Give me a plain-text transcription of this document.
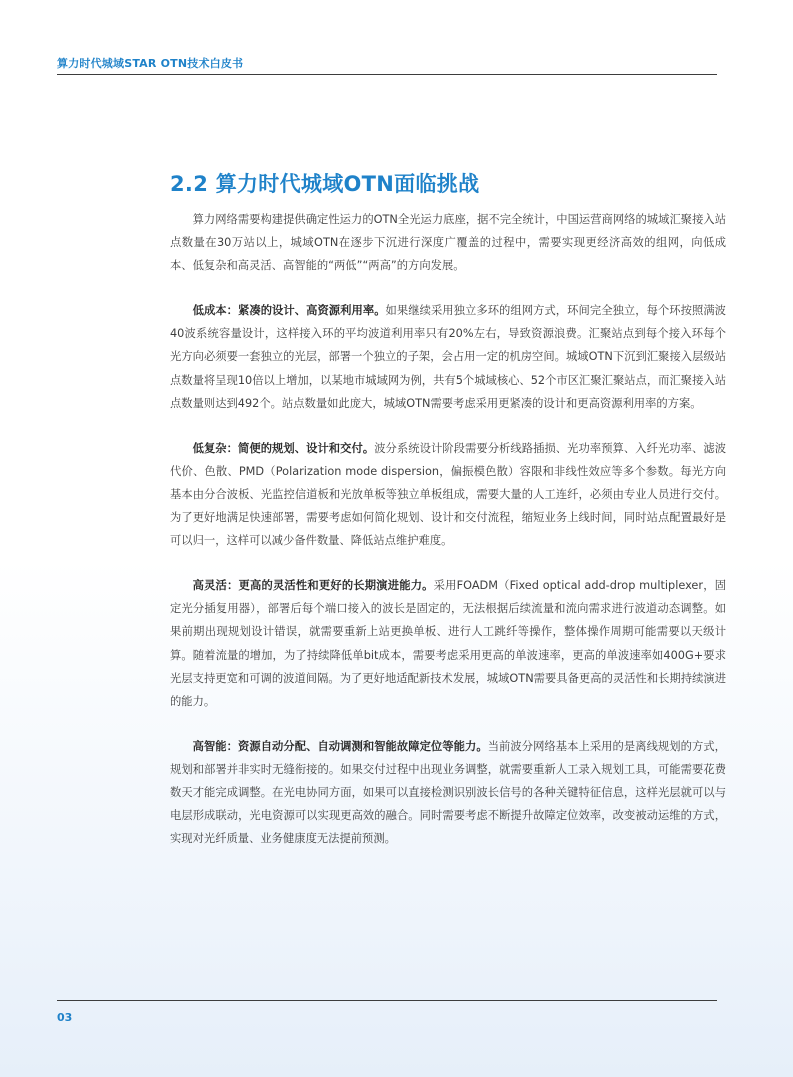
算力时代城域STAR OTN技术白皮书
2.2 算力时代城域OTN面临挑战

算力网络需要构建提供确定性运力的OTN全光运力底座，据不完全统计，中国运营商网络的城域汇聚接入站点数量在30万站以上，城域OTN在逐步下沉进行深度广覆盖的过程中，需要实现更经济高效的组网，向低成本、低复杂和高灵活、高智能的“两低”“两高”的方向发展。

低成本：紧凑的设计、高资源利用率。如果继续采用独立多环的组网方式，环间完全独立，每个环按照满波40波系统容量设计，这样接入环的平均波道利用率只有20%左右，导致资源浪费。汇聚站点到每个接入环每个光方向必须要一套独立的光层，部署一个独立的子架，会占用一定的机房空间。城域OTN下沉到汇聚接入层级站点数量将呈现10倍以上增加，以某地市城域网为例，共有5个城域核心、52个市区汇聚汇聚站点，而汇聚接入站点数量则达到492个。站点数量如此庞大，城域OTN需要考虑采用更紧凑的设计和更高资源利用率的方案。

低复杂：简便的规划、设计和交付。波分系统设计阶段需要分析线路插损、光功率预算、入纤光功率、滤波代价、色散、PMD（Polarization mode dispersion，偏振模色散）容限和非线性效应等多个参数。每光方向基本由分合波板、光监控信道板和光放单板等独立单板组成，需要大量的人工连纤，必须由专业人员进行交付。为了更好地满足快速部署，需要考虑如何简化规划、设计和交付流程，缩短业务上线时间，同时站点配置最好是可以归一，这样可以减少备件数量、降低站点维护难度。

高灵活：更高的灵活性和更好的长期演进能力。采用FOADM（Fixed optical add-drop multiplexer，固定光分插复用器），部署后每个端口接入的波长是固定的，无法根据后续流量和流向需求进行波道动态调整。如果前期出现规划设计错误，就需要重新上站更换单板、进行人工跳纤等操作，整体操作周期可能需要以天级计算。随着流量的增加，为了持续降低单bit成本，需要考虑采用更高的单波速率，更高的单波速率如400G+要求光层支持更宽和可调的波道间隔。为了更好地适配新技术发展，城域OTN需要具备更高的灵活性和长期持续演进的能力。

高智能：资源自动分配、自动调测和智能故障定位等能力。当前波分网络基本上采用的是离线规划的方式，规划和部署并非实时无缝衔接的。如果交付过程中出现业务调整，就需要重新人工录入规划工具，可能需要花费数天才能完成调整。在光电协同方面，如果可以直接检测识别波长信号的各种关键特征信息，这样光层就可以与电层形成联动，光电资源可以实现更高效的融合。同时需要考虑不断提升故障定位效率，改变被动运维的方式，实现对光纤质量、业务健康度无法提前预测。

03
